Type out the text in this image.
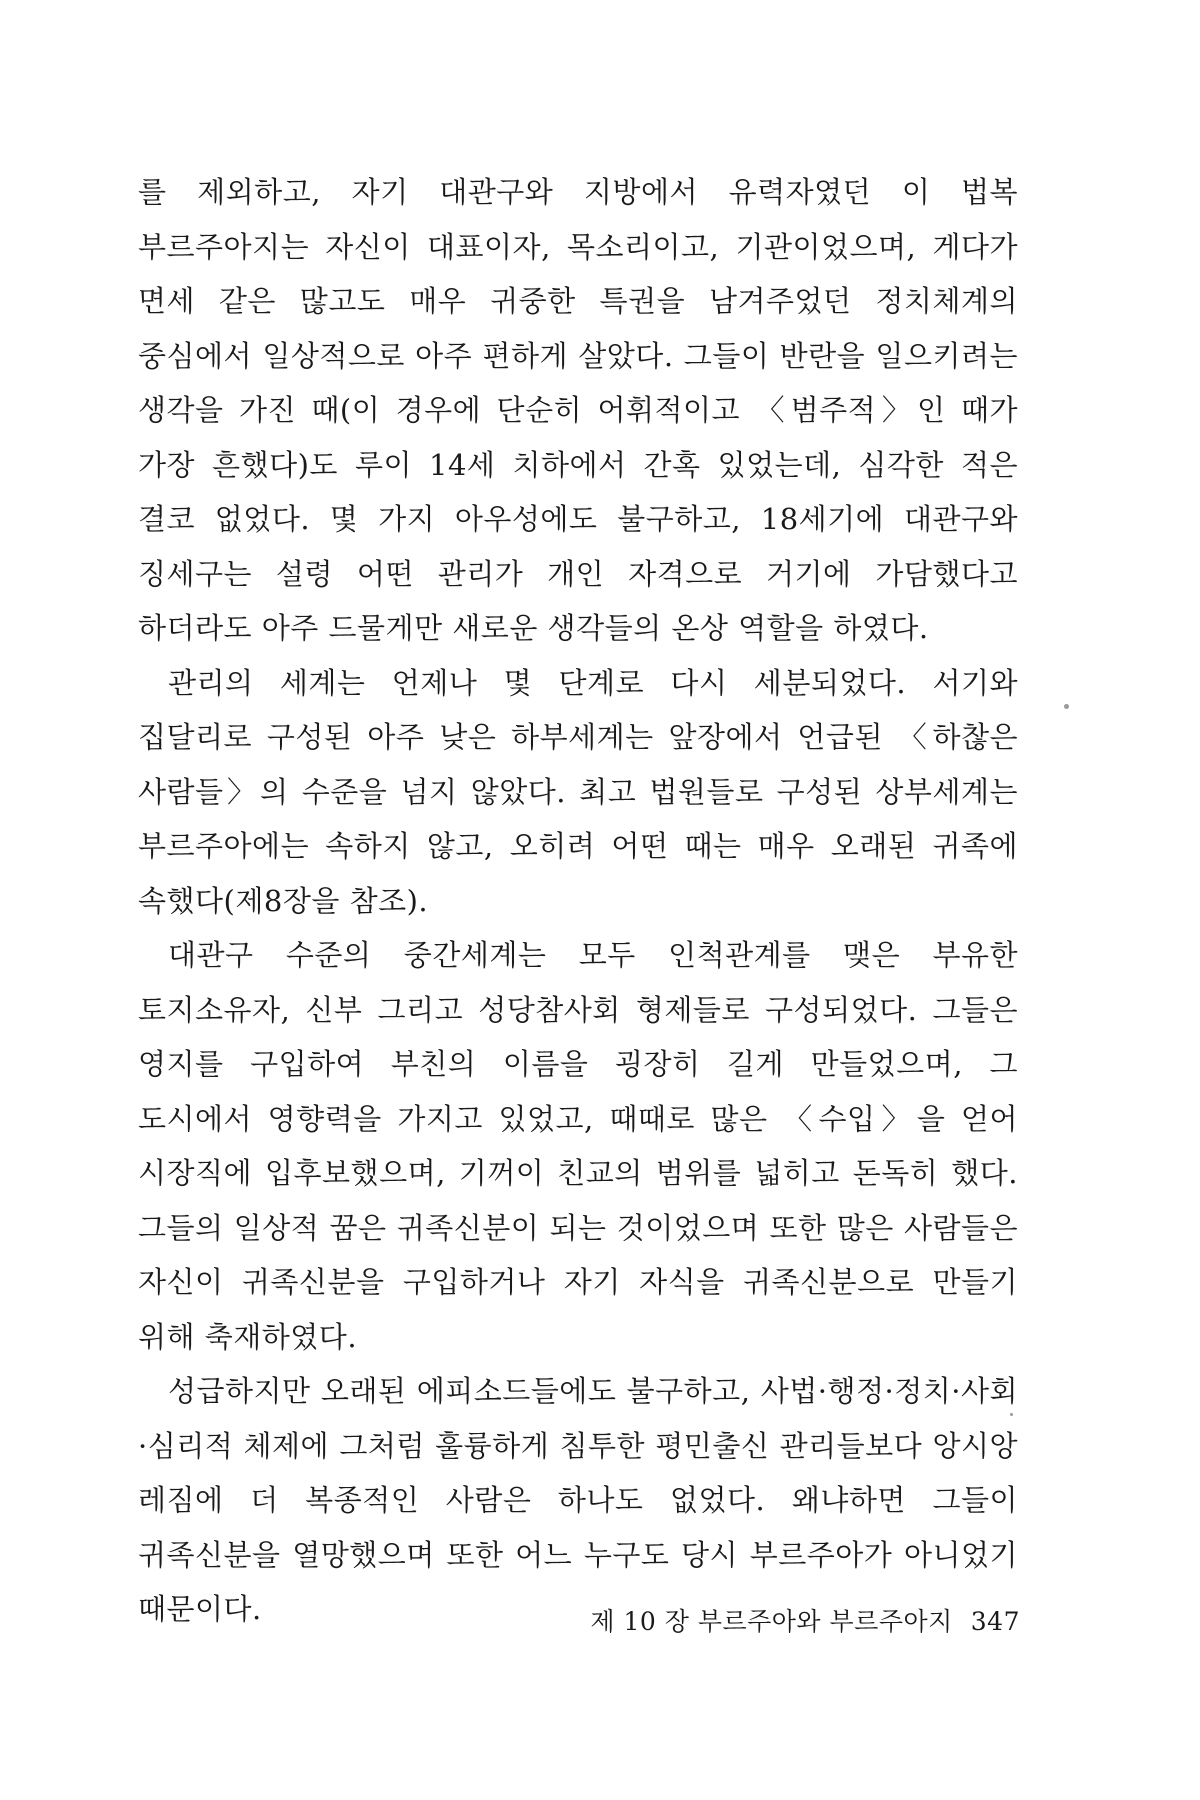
를 제외하고, 자기 대관구와 지방에서 유력자였던 이 법복 부르주아지는 자신이 대표이자, 목소리이고, 기관이었으며, 게다가 면세 같은 많고도 매우 귀중한 특권을 남겨주었던 정치체계의 중심에서 일상적으로 아주 편하게 살았다. 그들이 반란을 일으키려는 생각을 가진 때(이 경우에 단순히 어휘적이고 〈범주적〉인 때가 가장 흔했다)도 루이 14세 치하에서 간혹 있었는데, 심각한 적은 결코 없었다. 몇 가지 아우성에도 불구하고, 18세기에 대관구와 징세구는 설령 어떤 관리가 개인 자격으로 거기에 가담했다고 하더라도 아주 드물게만 새로운 생각들의 온상 역할을 하였다.

관리의 세계는 언제나 몇 단계로 다시 세분되었다. 서기와 집달리로 구성된 아주 낮은 하부세계는 앞장에서 언급된 〈하찮은 사람들〉의 수준을 넘지 않았다. 최고 법원들로 구성된 상부세계는 부르주아에는 속하지 않고, 오히려 어떤 때는 매우 오래된 귀족에 속했다(제8장을 참조).

대관구 수준의 중간세계는 모두 인척관계를 맺은 부유한 토지소유자, 신부 그리고 성당참사회 형제들로 구성되었다. 그들은 영지를 구입하여 부친의 이름을 굉장히 길게 만들었으며, 그 도시에서 영향력을 가지고 있었고, 때때로 많은 〈수입〉을 얻어 시장직에 입후보했으며, 기꺼이 친교의 범위를 넓히고 돈독히 했다. 그들의 일상적 꿈은 귀족신분이 되는 것이었으며 또한 많은 사람들은 자신이 귀족신분을 구입하거나 자기 자식을 귀족신분으로 만들기 위해 축재하였다.

성급하지만 오래된 에피소드들에도 불구하고, 사법·행정·정치·사회·심리적 체제에 그처럼 훌륭하게 침투한 평민출신 관리들보다 앙시앙 레짐에 더 복종적인 사람은 하나도 없었다. 왜냐하면 그들이 귀족신분을 열망했으며 또한 어느 누구도 당시 부르주아가 아니었기 때문이다.	제 10 장 부르주아와 부르주아지 347
